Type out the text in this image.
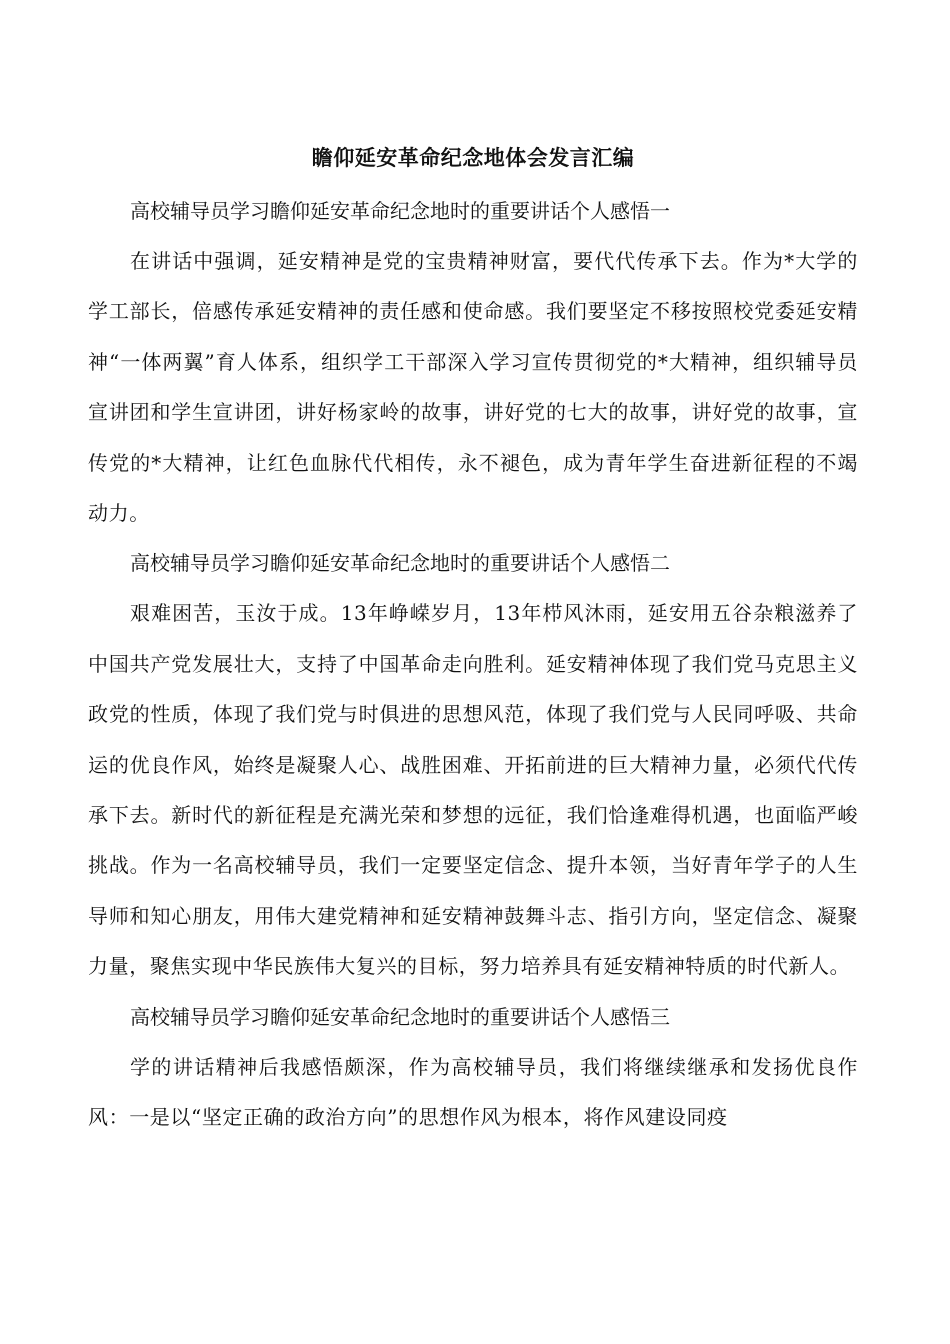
瞻仰延安革命纪念地体会发言汇编

高校辅导员学习瞻仰延安革命纪念地时的重要讲话个人感悟一

在讲话中强调，延安精神是党的宝贵精神财富，要代代传承下去。作为*大学的学工部长，倍感传承延安精神的责任感和使命感。我们要坚定不移按照校党委延安精神“一体两翼”育人体系，组织学工干部深入学习宣传贯彻党的*大精神，组织辅导员宣讲团和学生宣讲团，讲好杨家岭的故事，讲好党的七大的故事，讲好党的故事，宣传党的*大精神，让红色血脉代代相传，永不褪色，成为青年学生奋进新征程的不竭动力。

高校辅导员学习瞻仰延安革命纪念地时的重要讲话个人感悟二

艰难困苦，玉汝于成。13年峥嵘岁月，13年栉风沐雨，延安用五谷杂粮滋养了中国共产党发展壮大，支持了中国革命走向胜利。延安精神体现了我们党马克思主义政党的性质，体现了我们党与时俱进的思想风范，体现了我们党与人民同呼吸、共命运的优良作风，始终是凝聚人心、战胜困难、开拓前进的巨大精神力量，必须代代传承下去。新时代的新征程是充满光荣和梦想的远征，我们恰逢难得机遇，也面临严峻挑战。作为一名高校辅导员，我们一定要坚定信念、提升本领，当好青年学子的人生导师和知心朋友，用伟大建党精神和延安精神鼓舞斗志、指引方向，坚定信念、凝聚力量，聚焦实现中华民族伟大复兴的目标，努力培养具有延安精神特质的时代新人。

高校辅导员学习瞻仰延安革命纪念地时的重要讲话个人感悟三

学的讲话精神后我感悟颇深，作为高校辅导员，我们将继续继承和发扬优良作风：一是以“坚定正确的政治方向”的思想作风为根本，将作风建设同疫
